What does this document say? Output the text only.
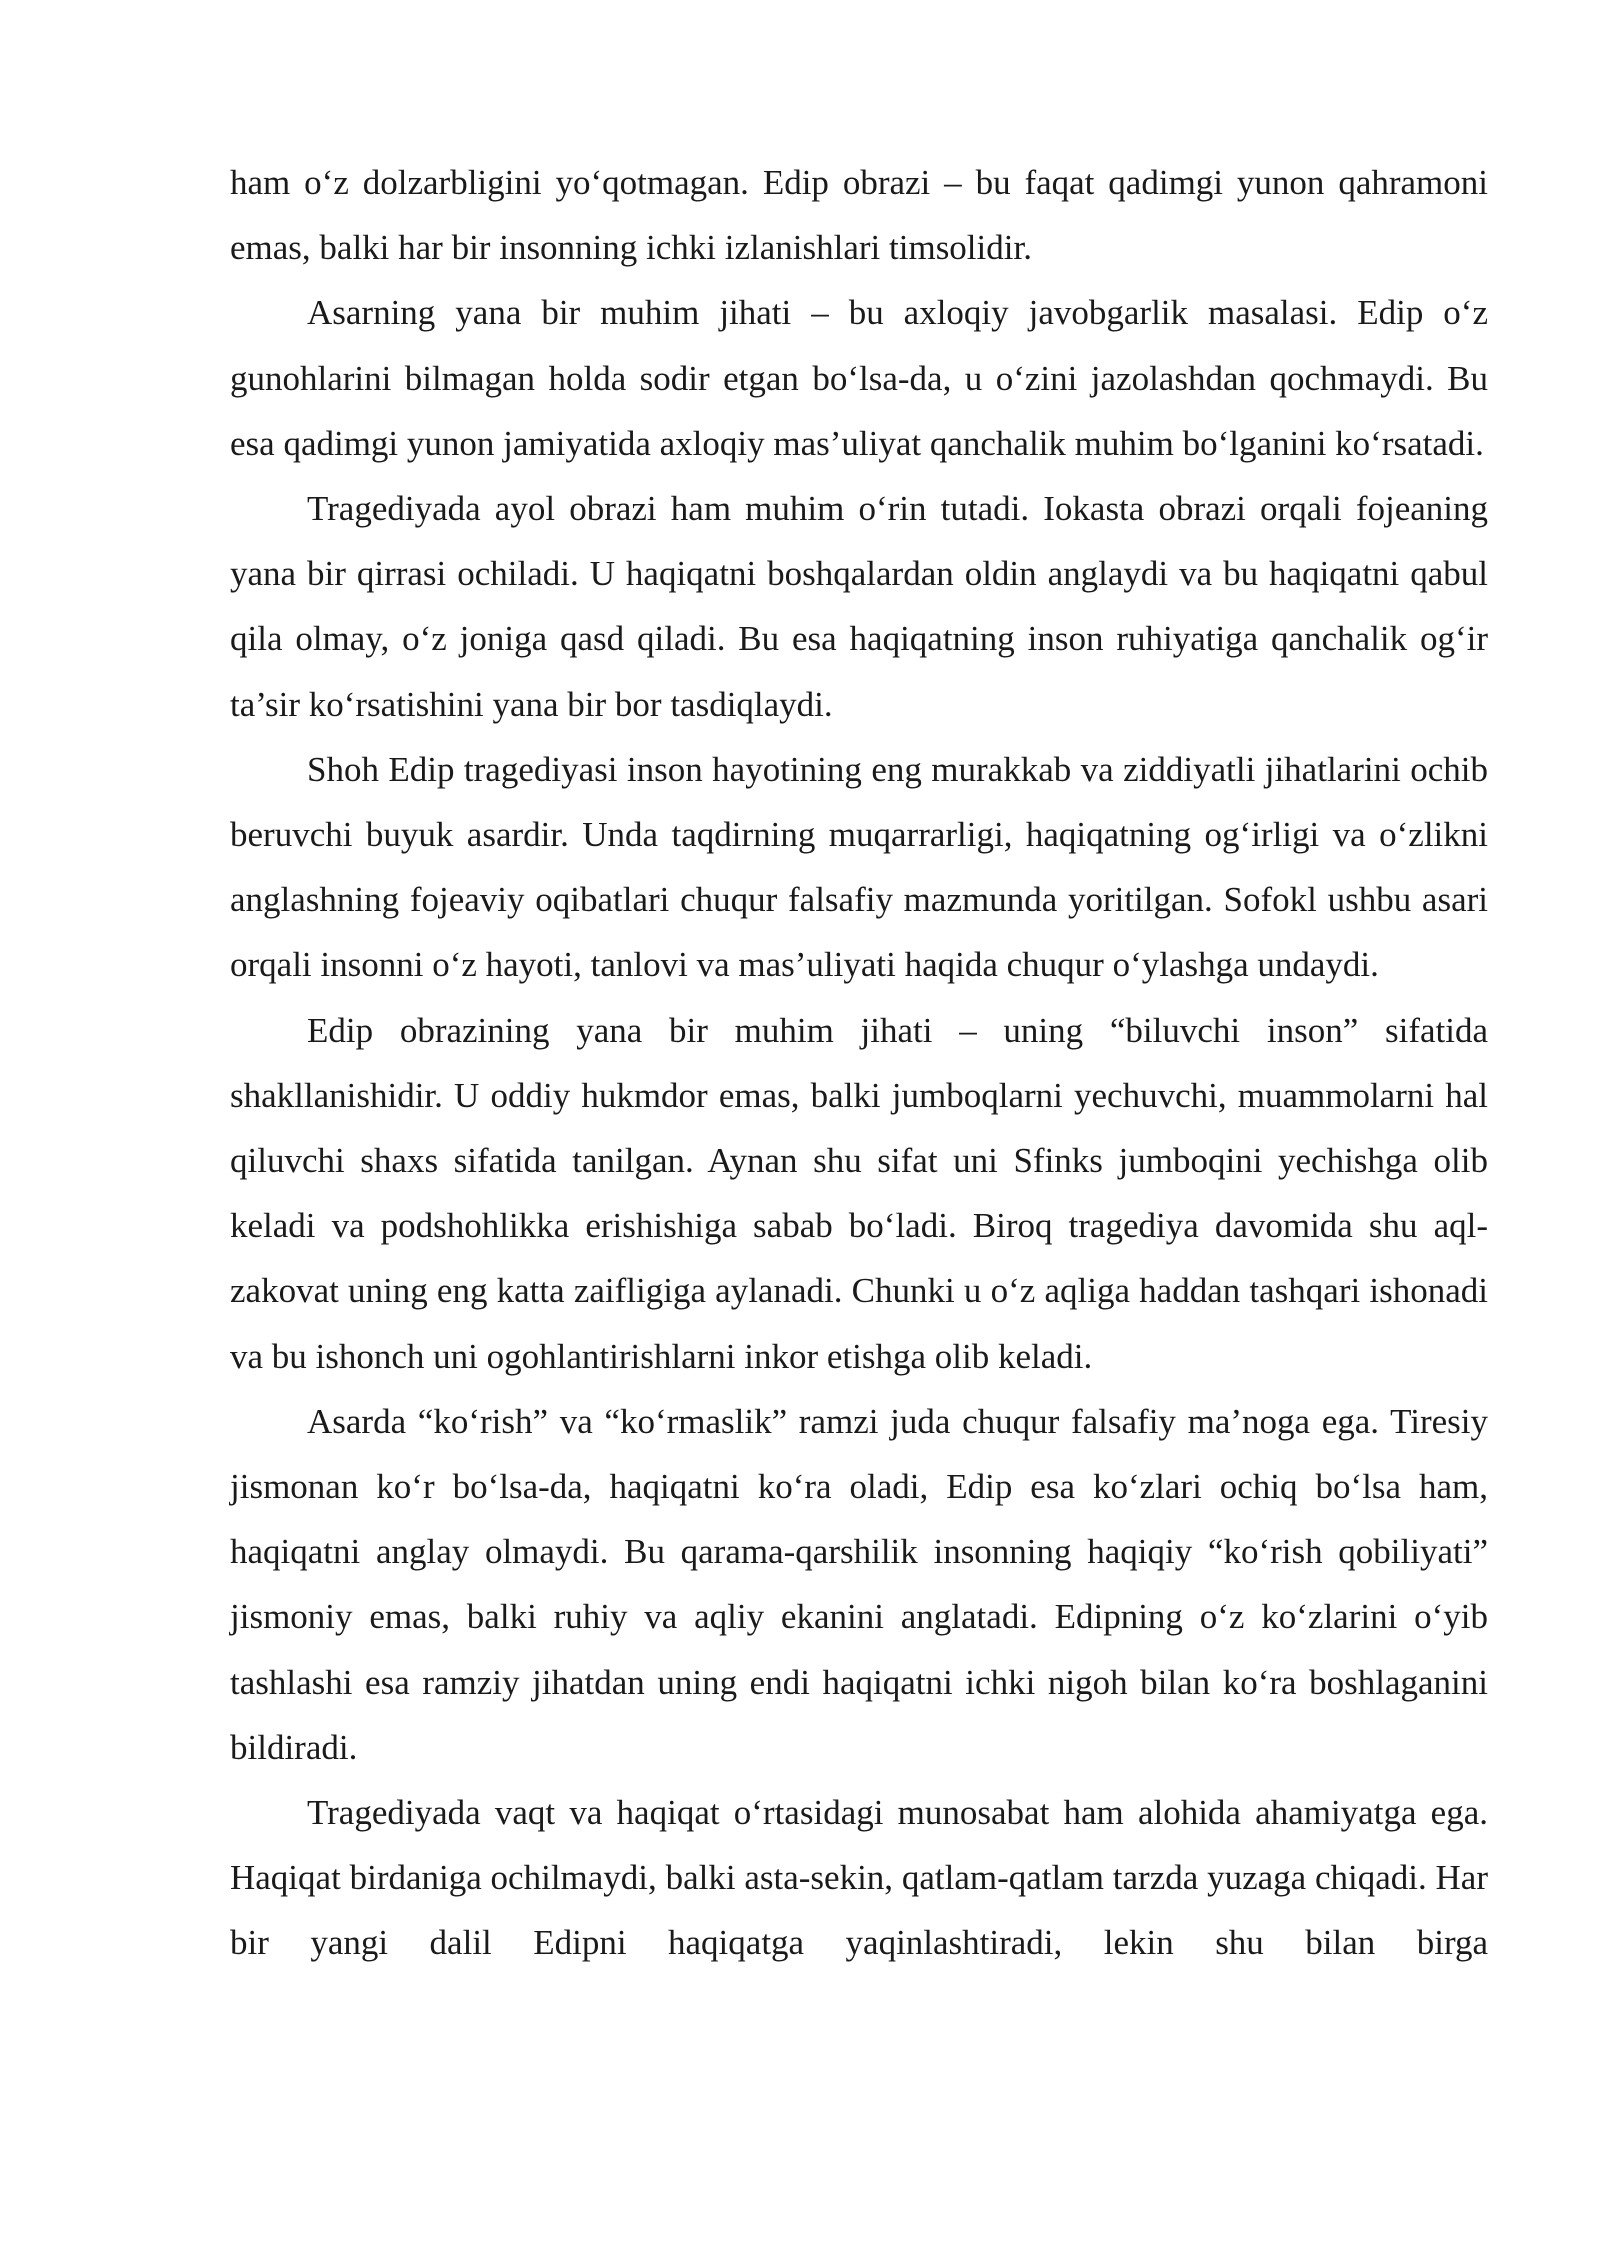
ham o‘z dolzarbligini yo‘qotmagan. Edip obrazi – bu faqat qadimgi yunon qahramoni emas, balki har bir insonning ichki izlanishlari timsolidir.

Asarning yana bir muhim jihati – bu axloqiy javobgarlik masalasi. Edip o‘z gunohlarini bilmagan holda sodir etgan bo‘lsa-da, u o‘zini jazolashdan qochmaydi. Bu esa qadimgi yunon jamiyatida axloqiy mas’uliyat qanchalik muhim bo‘lganini ko‘rsatadi.

Tragediyada ayol obrazi ham muhim o‘rin tutadi. Iokasta obrazi orqali fojeaning yana bir qirrasi ochiladi. U haqiqatni boshqalardan oldin anglaydi va bu haqiqatni qabul qila olmay, o‘z joniga qasd qiladi. Bu esa haqiqatning inson ruhiyatiga qanchalik og‘ir ta’sir ko‘rsatishini yana bir bor tasdiqlaydi.

Shoh Edip tragediyasi inson hayotining eng murakkab va ziddiyatli jihatlarini ochib beruvchi buyuk asardir. Unda taqdirning muqarrarligi, haqiqatning og‘irligi va o‘zlikni anglashning fojeaviy oqibatlari chuqur falsafiy mazmunda yoritilgan. Sofokl ushbu asari orqali insonni o‘z hayoti, tanlovi va mas’uliyati haqida chuqur o‘ylashga undaydi.

Edip obrazining yana bir muhim jihati – uning “biluvchi inson” sifatida shakllanishidir. U oddiy hukmdor emas, balki jumboqlarni yechuvchi, muammolarni hal qiluvchi shaxs sifatida tanilgan. Aynan shu sifat uni Sfinks jumboqini yechishga olib keladi va podshohlikka erishishiga sabab bo‘ladi. Biroq tragediya davomida shu aql-zakovat uning eng katta zaifligiga aylanadi. Chunki u o‘z aqliga haddan tashqari ishonadi va bu ishonch uni ogohlantirishlarni inkor etishga olib keladi.

Asarda “ko‘rish” va “ko‘rmaslik” ramzi juda chuqur falsafiy ma’noga ega. Tiresiy jismonan ko‘r bo‘lsa-da, haqiqatni ko‘ra oladi, Edip esa ko‘zlari ochiq bo‘lsa ham, haqiqatni anglay olmaydi. Bu qarama-qarshilik insonning haqiqiy “ko‘rish qobiliyati” jismoniy emas, balki ruhiy va aqliy ekanini anglatadi. Edipning o‘z ko‘zlarini o‘yib tashlashi esa ramziy jihatdan uning endi haqiqatni ichki nigoh bilan ko‘ra boshlaganini bildiradi.

Tragediyada vaqt va haqiqat o‘rtasidagi munosabat ham alohida ahamiyatga ega. Haqiqat birdaniga ochilmaydi, balki asta-sekin, qatlam-qatlam tarzda yuzaga chiqadi. Har bir yangi dalil Edipni haqiqatga yaqinlashtiradi, lekin shu bilan birga
